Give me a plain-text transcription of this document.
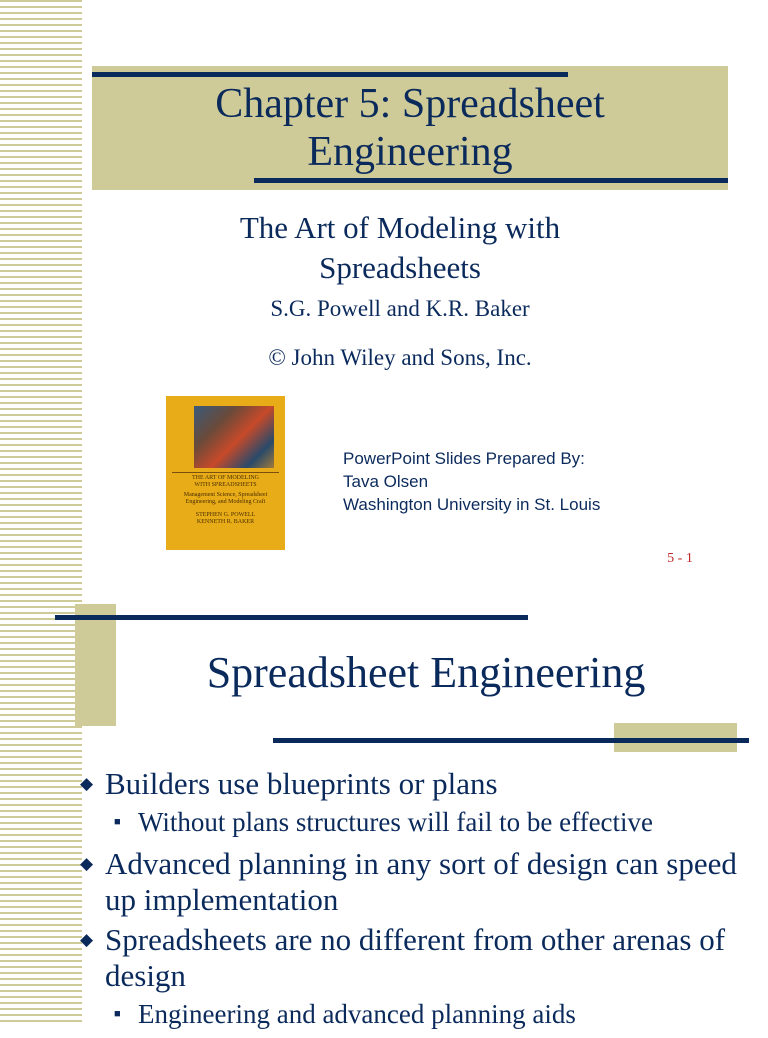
Chapter 5: Spreadsheet
Engineering
The Art of Modeling with
Spreadsheets
S.G. Powell and K.R. Baker
© John Wiley and Sons, Inc.
THE ART OF MODELING
WITH SPREADSHEETS
Management Science, Spreadsheet
Engineering, and Modeling Craft
STEPHEN G. POWELL
KENNETH R. BAKER
PowerPoint Slides Prepared By:
Tava Olsen
Washington University in St. Louis
5 - 1
Spreadsheet Engineering
◆ Builders use blueprints or plans
■ Without plans structures will fail to be effective
◆ Advanced planning in any sort of design can speed up implementation
◆ Spreadsheets are no different from other arenas of design
■ Engineering and advanced planning aids
